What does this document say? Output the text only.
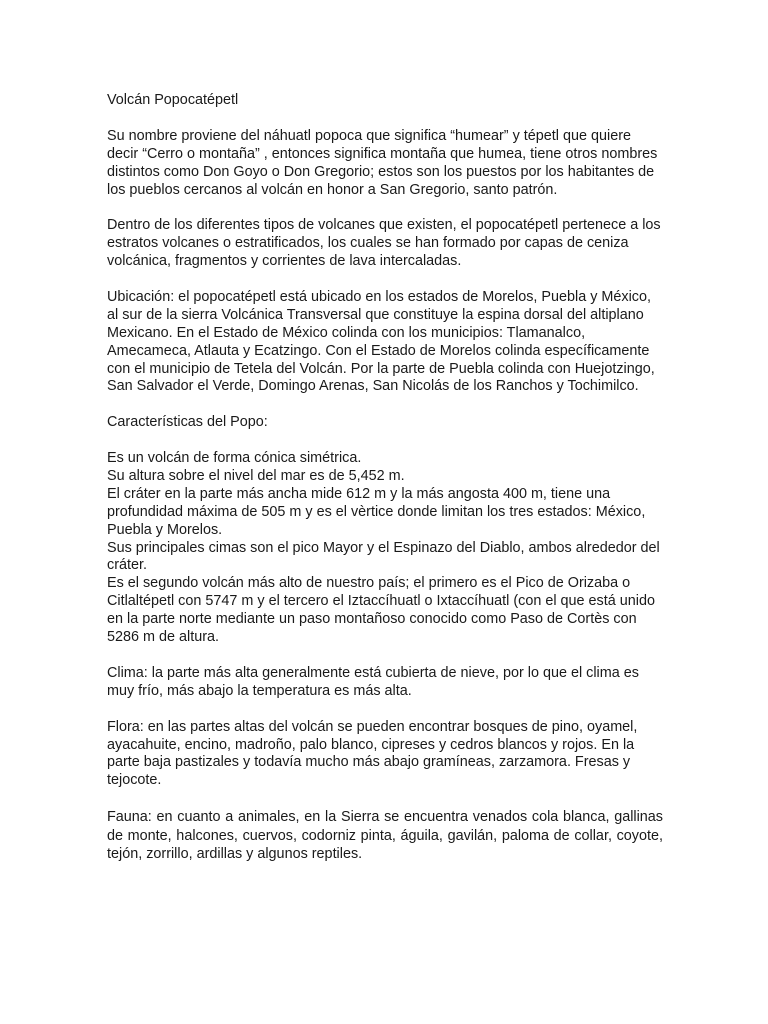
Volcán Popocatépetl

Su nombre proviene del náhuatl popoca que significa “humear” y tépetl que quiere decir “Cerro o montaña” , entonces significa montaña que humea, tiene otros nombres distintos como Don Goyo o Don Gregorio; estos son los puestos por los habitantes de los pueblos cercanos al volcán en honor a San Gregorio, santo patrón.

Dentro de los diferentes tipos de volcanes que existen, el popocatépetl pertenece a los estratos volcanes o estratificados, los cuales se han formado por capas de ceniza volcánica, fragmentos y corrientes de lava intercaladas.

Ubicación: el popocatépetl está ubicado en los estados de Morelos, Puebla y México, al sur de la sierra Volcánica Transversal que constituye la espina dorsal del altiplano Mexicano. En el Estado de México colinda con los municipios: Tlamanalco, Amecameca, Atlauta y Ecatzingo. Con el Estado de Morelos colinda específicamente con el municipio de Tetela del Volcán. Por la parte de Puebla colinda con Huejotzingo, San Salvador el Verde, Domingo Arenas, San Nicolás de los Ranchos y Tochimilco.

Características del Popo:

Es un volcán de forma cónica simétrica.
Su altura sobre el nivel del mar es de 5,452 m.
El cráter en la parte más ancha mide 612 m y la más angosta 400 m, tiene una profundidad máxima de 505 m y es el vèrtice donde limitan los tres estados: México, Puebla y Morelos.
Sus principales cimas son el pico Mayor y el Espinazo del Diablo, ambos alrededor del cráter.
Es el segundo volcán más alto de nuestro país; el primero es el Pico de Orizaba o Citlaltépetl con 5747 m y el tercero el Iztaccíhuatl o Ixtaccíhuatl (con el que está unido en la parte norte mediante un paso montañoso conocido como Paso de Cortès con 5286 m de altura.

Clima: la parte más alta generalmente está cubierta de nieve, por lo que el clima es muy frío, más abajo la temperatura es más alta.

Flora: en las partes altas del volcán se pueden encontrar bosques de pino, oyamel, ayacahuite, encino, madroño, palo blanco, cipreses y cedros blancos y rojos. En la parte baja pastizales y todavía mucho más abajo gramíneas, zarzamora. Fresas y tejocote.

Fauna: en cuanto a animales, en la Sierra se encuentra venados cola blanca, gallinas de monte, halcones, cuervos, codorniz pinta, águila, gavilán, paloma de collar, coyote, tejón, zorrillo, ardillas y algunos reptiles.
